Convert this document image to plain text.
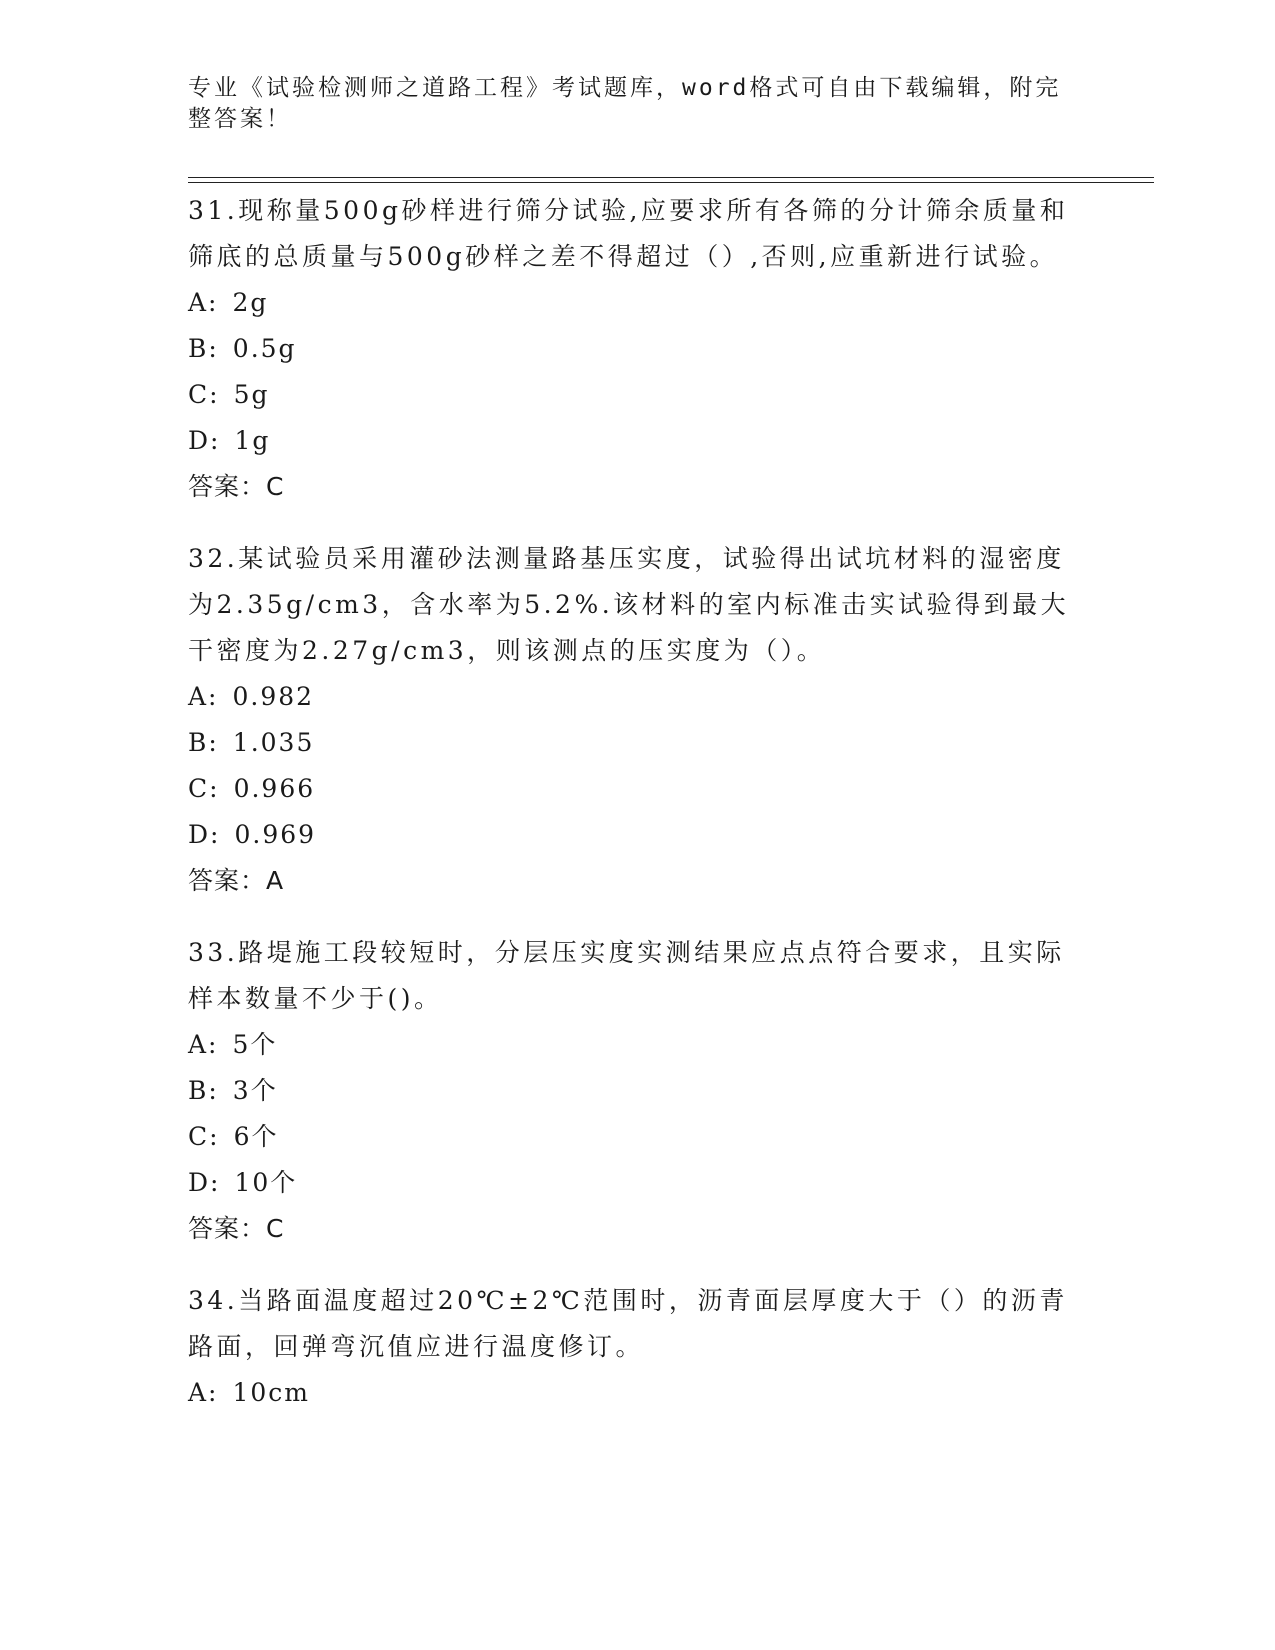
专业《试验检测师之道路工程》考试题库，word格式可自由下载编辑，附完整答案！

31.现称量500g砂样进行筛分试验,应要求所有各筛的分计筛余质量和筛底的总质量与500g砂样之差不得超过（）,否则,应重新进行试验。

A: 2g
B: 0.5g
C: 5g
D: 1g
答案：C

32.某试验员采用灌砂法测量路基压实度，试验得出试坑材料的湿密度为2.35g/cm3，含水率为5.2%.该材料的室内标准击实试验得到最大干密度为2.27g/cm3，则该测点的压实度为（）。

A: 0.982
B: 1.035
C: 0.966
D: 0.969
答案：A

33.路堤施工段较短时，分层压实度实测结果应点点符合要求，且实际样本数量不少于()。

A: 5个
B: 3个
C: 6个
D: 10个
答案：C

34.当路面温度超过20℃±2℃范围时，沥青面层厚度大于（）的沥青路面，回弹弯沉值应进行温度修订。

A: 10cm
